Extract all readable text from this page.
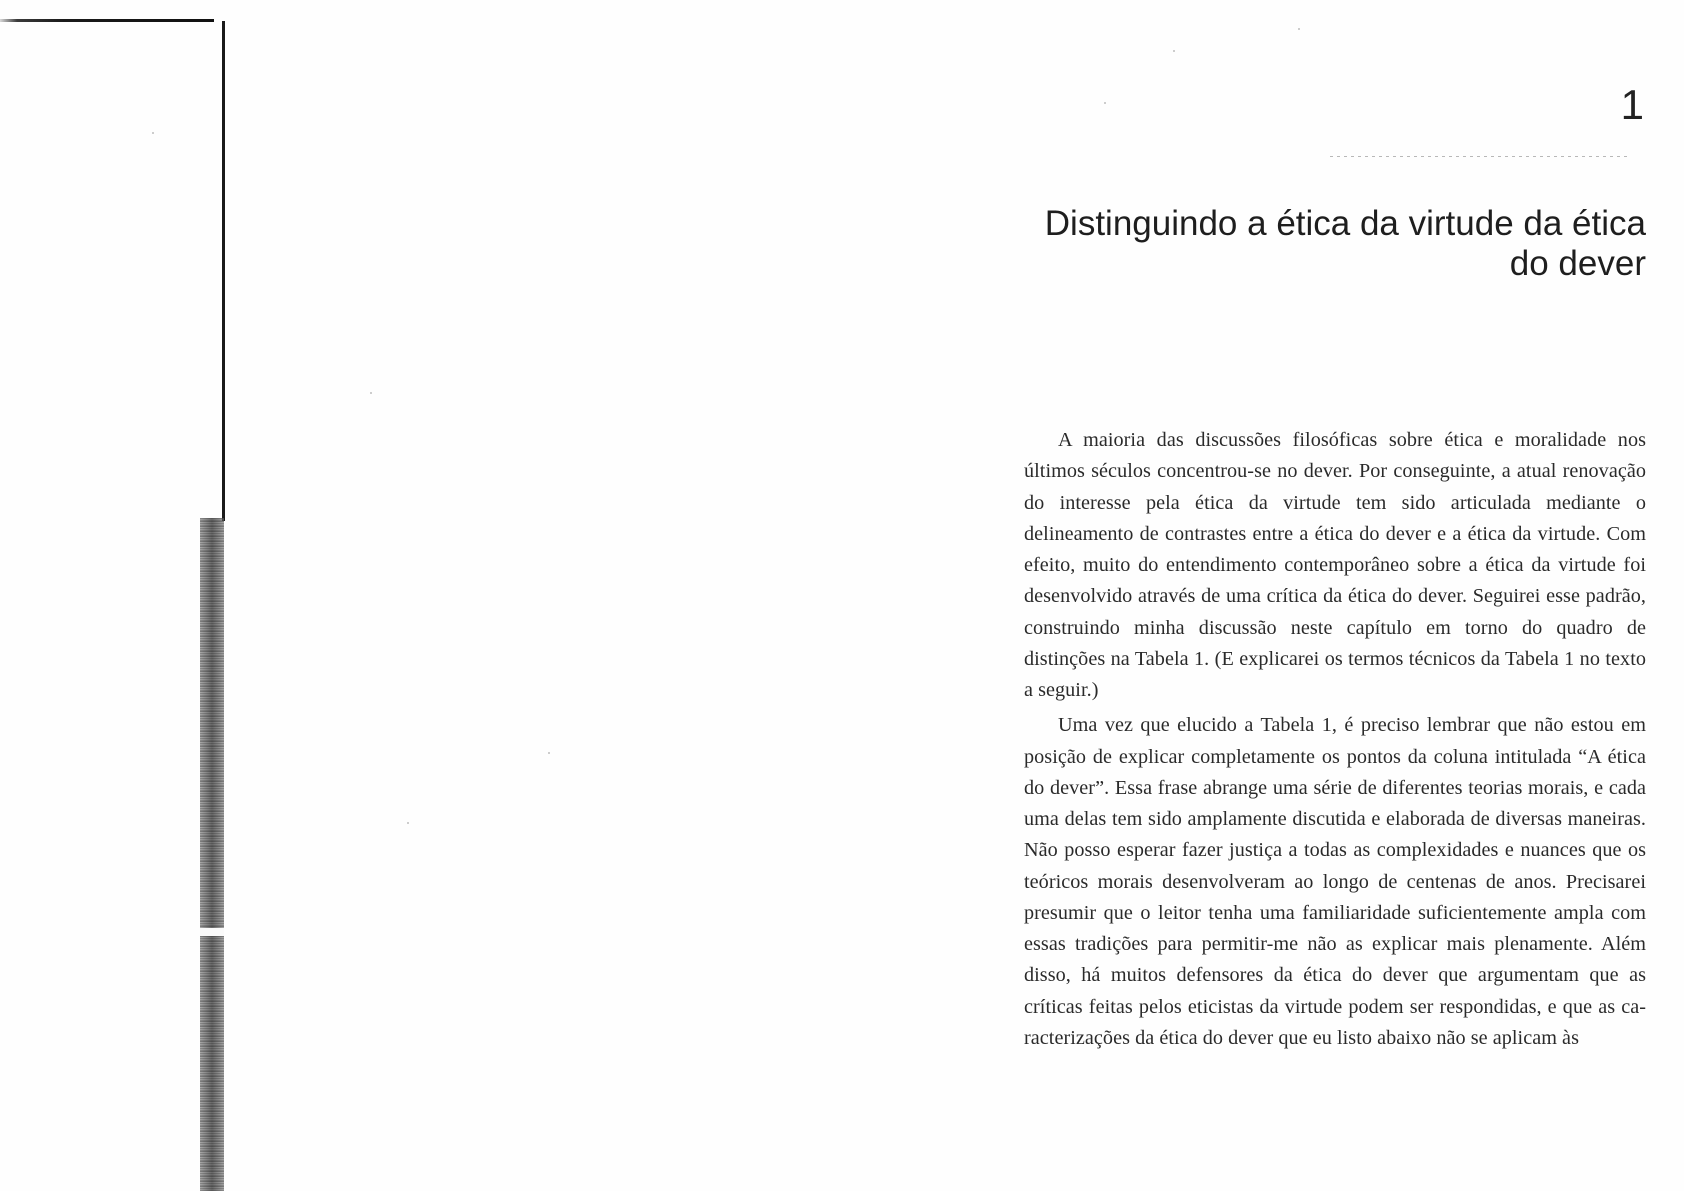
1
Distinguindo a ética da virtude da ética
do dever

A maioria das discussões filosóficas sobre ética e moralidade nos últimos séculos concentrou-se no dever. Por conseguinte, a atual renovação do interesse pela ética da virtude tem sido articulada mediante o delineamento de contrastes entre a ética do dever e a ética da virtude. Com efeito, muito do entendimento contemporâneo sobre a ética da virtude foi desenvolvido através de uma crítica da ética do dever. Seguirei esse padrão, construindo minha discussão neste capítulo em torno do quadro de distinções na Tabela 1. (E explicarei os termos técnicos da Tabela 1 no texto a seguir.)

Uma vez que elucido a Tabela 1, é preciso lembrar que não estou em posição de explicar completamente os pontos da coluna intitulada “A ética do dever”. Essa frase abrange uma série de diferentes teorias morais, e cada uma delas tem sido amplamente discutida e elaborada de diversas maneiras. Não posso esperar fazer justiça a todas as complexidades e nuances que os teóricos morais desenvolveram ao longo de centenas de anos. Precisarei presumir que o leitor tenha uma familiaridade suficientemente ampla com essas tradições para permitir-me não as explicar mais plenamente. Além disso, há muitos defensores da ética do dever que argumentam que as críticas feitas pelos eticistas da virtude podem ser respondidas, e que as caracterizações da ética do dever que eu listo abaixo não se aplicam às
